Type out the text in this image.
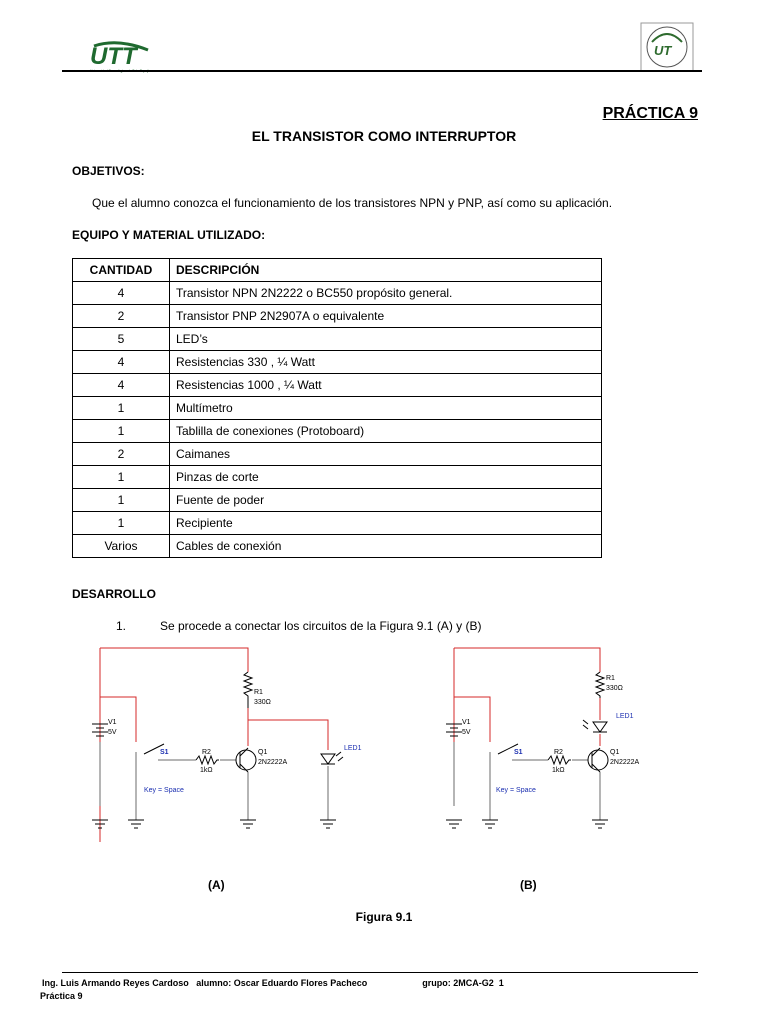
UTT	UT
PRÁCTICA 9
EL TRANSISTOR COMO INTERRUPTOR
OBJETIVOS:
Que el alumno conozca el funcionamiento de los transistores NPN y PNP, así como su aplicación.
EQUIPO Y MATERIAL UTILIZADO:
CANTIDAD	DESCRIPCIÓN
4	Transistor NPN 2N2222 o BC550 propósito general.
2	Transistor PNP 2N2907A o equivalente
5	LED’s
4	Resistencias 330 , ¼ Watt
4	Resistencias 1000 , ¼ Watt
1	Multímetro
1	Tablilla de conexiones (Protoboard)
2	Caimanes
1	Pinzas de corte
1	Fuente de poder
1	Recipiente
Varios	Cables de conexión
DESARROLLO
1.	Se procede a conectar los circuitos de la Figura 9.1 (A) y (B)
V1
5V
R1
330Ω
S1	R2
1kΩ
Q1
2N2222A
LED1
Key = Space
V1
5V
R1
330Ω
LED1
S1	R2
1kΩ
Q1
2N2222A
Key = Space
(A)	(B)
Figura 9.1
Ing. Luis Armando Reyes Cardoso   alumno: Oscar Eduardo Flores Pacheco                      grupo: 2MCA-G2  1
Práctica 9
